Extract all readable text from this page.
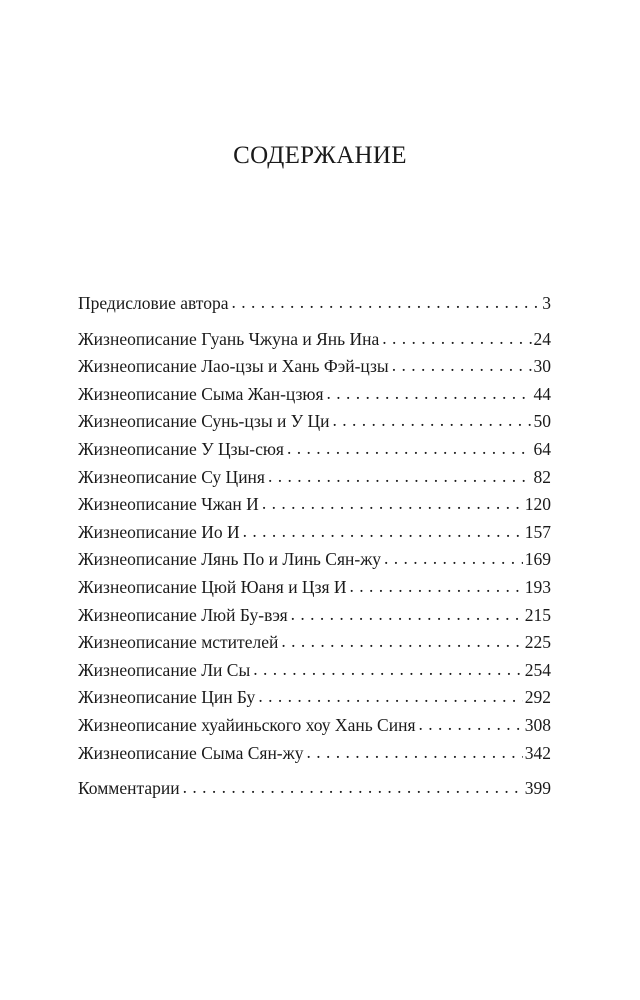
СОДЕРЖАНИЕ
Предисловие автора . . .	3
Жизнеописание Гуань Чжуна и Янь Ина . . .	24
Жизнеописание Лао-цзы и Хань Фэй-цзы . . .	30
Жизнеописание Сыма Жан-цзюя . . .	44
Жизнеописание Сунь-цзы и У Ци . . .	50
Жизнеописание У Цзы-сюя . . .	64
Жизнеописание Су Циня . . .	82
Жизнеописание Чжан И . . .	120
Жизнеописание Ио И . . .	157
Жизнеописание Лянь По и Линь Сян-жу . . .	169
Жизнеописание Цюй Юаня и Цзя И . . .	193
Жизнеописание Люй Бу-вэя . . .	215
Жизнеописание мстителей . . .	225
Жизнеописание Ли Сы . . .	254
Жизнеописание Цин Бу . . .	292
Жизнеописание хуайиньского хоу Хань Синя . . .	308
Жизнеописание Сыма Сян-жу . . .	342
Комментарии . . .	399
